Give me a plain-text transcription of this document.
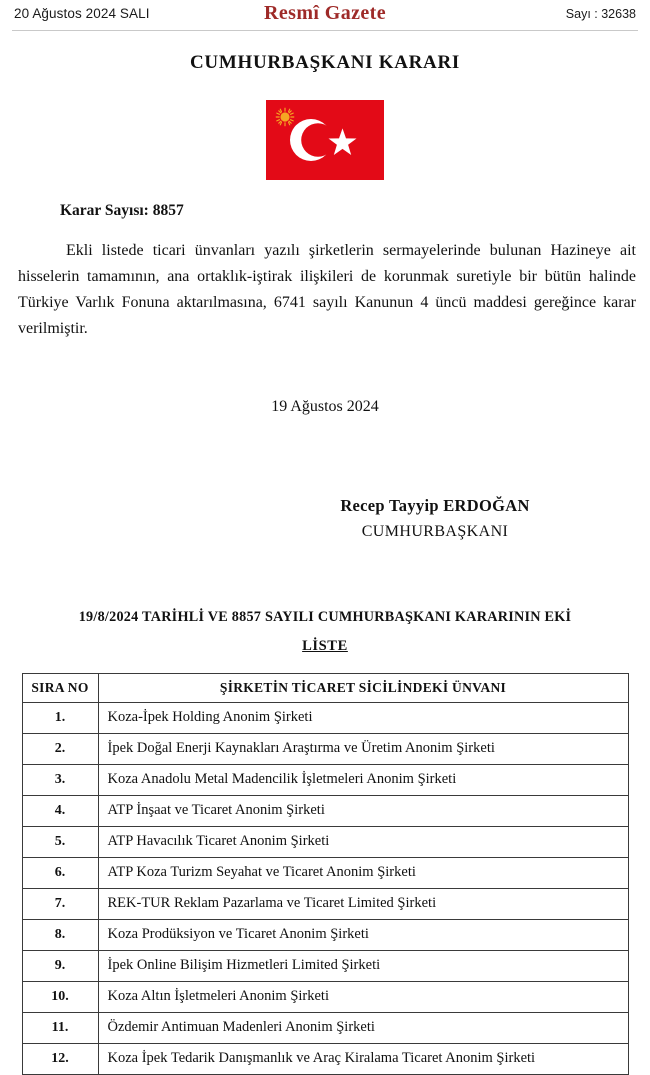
20 Ağustos 2024 SALI	Resmî Gazete	Sayı : 32638
CUMHURBAŞKANI KARARI
Karar Sayısı: 8857

Ekli listede ticari ünvanları yazılı şirketlerin sermayelerinde bulunan Hazineye ait hisselerin tamamının, ana ortaklık-iştirak ilişkileri de korunmak suretiyle bir bütün halinde Türkiye Varlık Fonuna aktarılmasına, 6741 sayılı Kanunun 4 üncü maddesi gereğince karar verilmiştir.

19 Ağustos 2024
Recep Tayyip ERDOĞAN
CUMHURBAŞKANI
19/8/2024 TARİHLİ VE 8857 SAYILI CUMHURBAŞKANI KARARININ EKİ
LİSTE
SIRA NO	ŞİRKETİN TİCARET SİCİLİNDEKİ ÜNVANI
1.	Koza-İpek Holding Anonim Şirketi
2.	İpek Doğal Enerji Kaynakları Araştırma ve Üretim Anonim Şirketi
3.	Koza Anadolu Metal Madencilik İşletmeleri Anonim Şirketi
4.	ATP İnşaat ve Ticaret Anonim Şirketi
5.	ATP Havacılık Ticaret Anonim Şirketi
6.	ATP Koza Turizm Seyahat ve Ticaret Anonim Şirketi
7.	REK-TUR Reklam Pazarlama ve Ticaret Limited Şirketi
8.	Koza Prodüksiyon ve Ticaret Anonim Şirketi
9.	İpek Online Bilişim Hizmetleri Limited Şirketi
10.	Koza Altın İşletmeleri Anonim Şirketi
11.	Özdemir Antimuan Madenleri Anonim Şirketi
12.	Koza İpek Tedarik Danışmanlık ve Araç Kiralama Ticaret Anonim Şirketi
